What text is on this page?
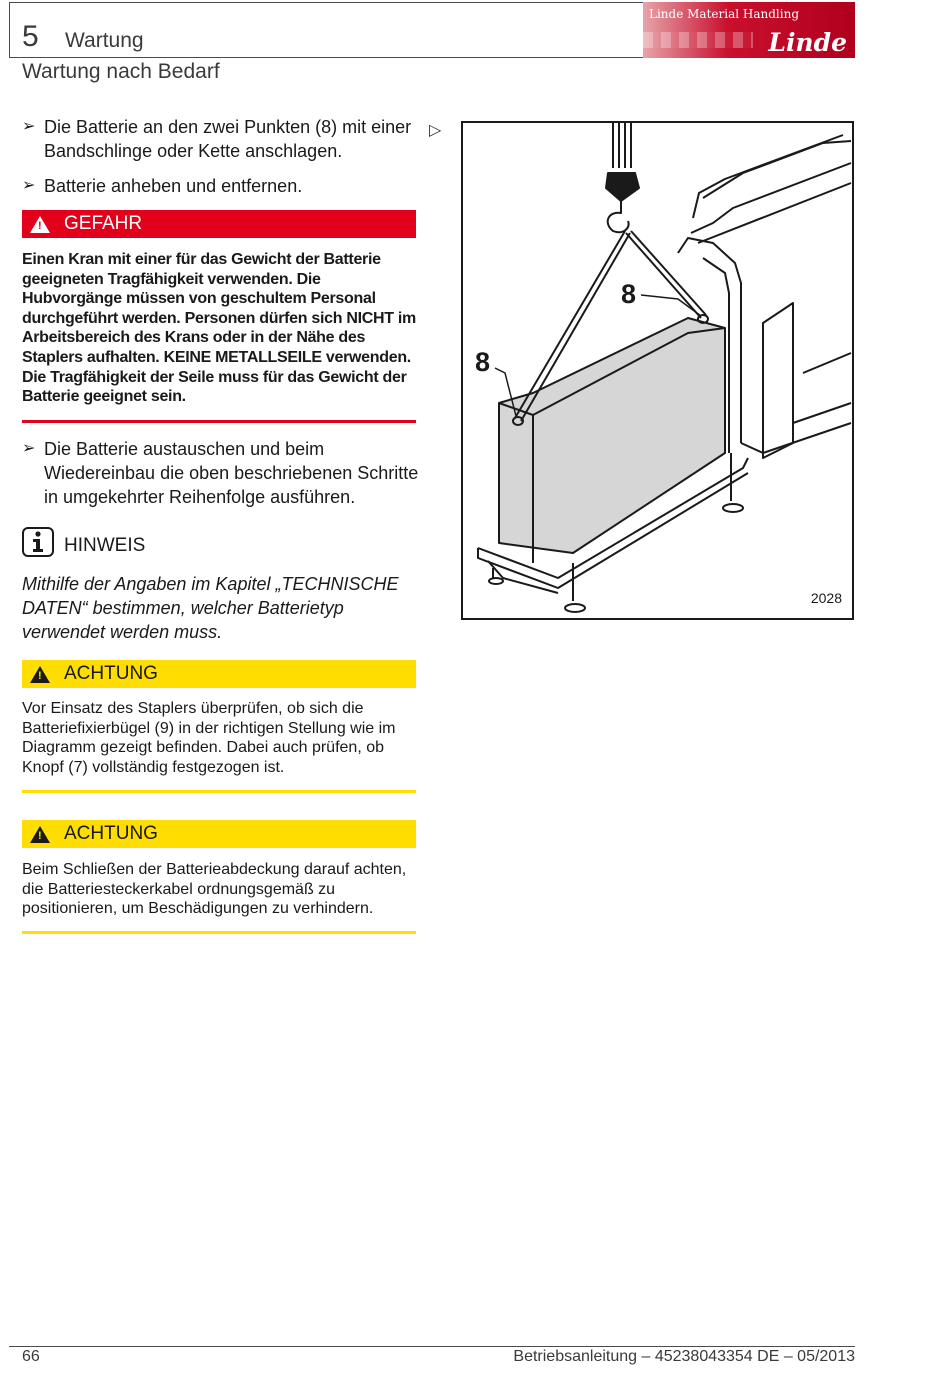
5 Wartung
Linde Material Handling
Linde
Wartung nach Bedarf
➢ Die Batterie an den zwei Punkten (8) mit einer Bandschlinge oder Kette anschlagen.
➢ Batterie anheben und entfernen.
! GEFAHR
Einen Kran mit einer für das Gewicht der Batterie geeigneten Tragfähigkeit verwenden. Die Hubvorgänge müssen von geschultem Personal durchgeführt werden. Personen dürfen sich NICHT im Arbeitsbereich des Krans oder in der Nähe des Staplers aufhalten. KEINE METALLSEILE verwenden. Die Tragfähigkeit der Seile muss für das Gewicht der Batterie geeignet sein.
➢ Die Batterie austauschen und beim Wiedereinbau die oben beschriebenen Schritte in umgekehrter Reihenfolge ausführen.
HINWEIS
Mithilfe der Angaben im Kapitel „TECHNISCHE DATEN“ bestimmen, welcher Batterietyp verwendet werden muss.
! ACHTUNG
Vor Einsatz des Staplers überprüfen, ob sich die Batteriefixierbügel (9) in der richtigen Stellung wie im Diagramm gezeigt befinden. Dabei auch prüfen, ob Knopf (7) vollständig festgezogen ist.
! ACHTUNG
Beim Schließen der Batterieabdeckung darauf achten, die Batteriesteckerkabel ordnungsgemäß zu positionieren, um Beschädigungen zu verhindern.
▷
8
8
2028
66	Betriebsanleitung – 45238043354 DE – 05/2013
